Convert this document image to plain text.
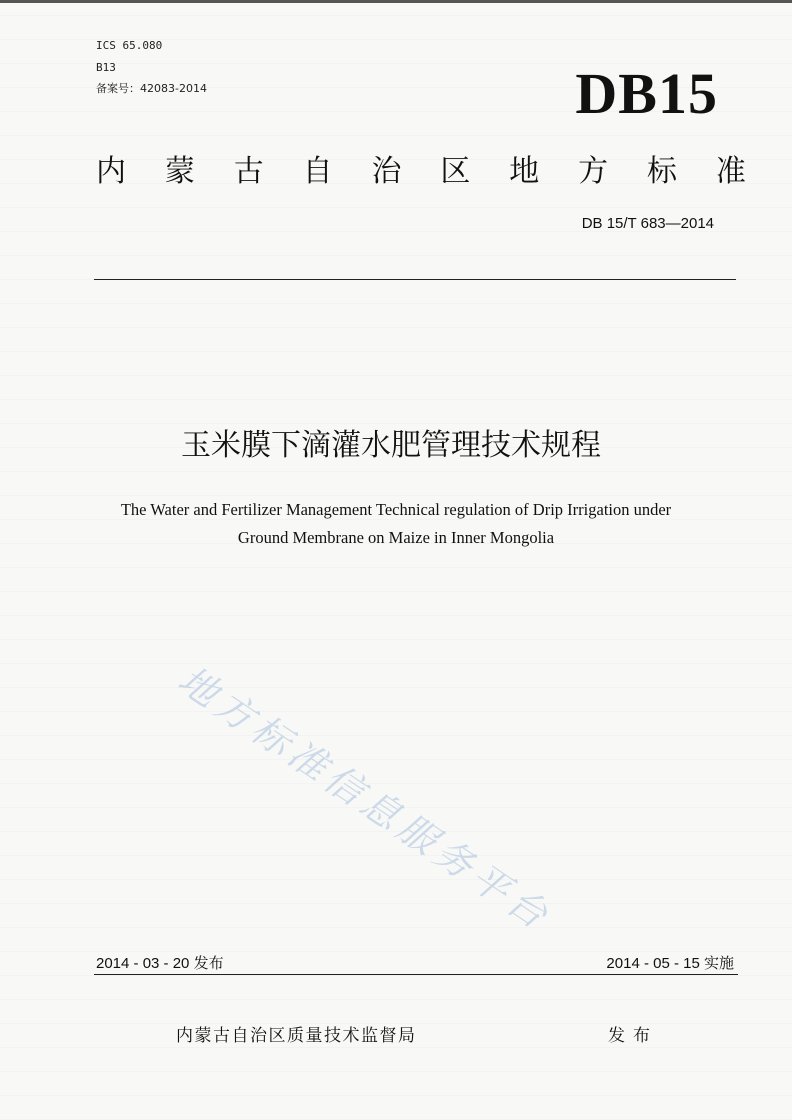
ICS 65.080
B13
备案号：42083-2014	DB15
内 蒙 古 自 治 区 地 方 标 准
DB 15/T 683—2014
玉米膜下滴灌水肥管理技术规程
The Water and Fertilizer Management Technical regulation of Drip Irrigation under
Ground Membrane on Maize in Inner Mongolia
地方标准信息服务平台
2014 - 03 - 20 发布	2014 - 05 - 15 实施
内蒙古自治区质量技术监督局	发布
